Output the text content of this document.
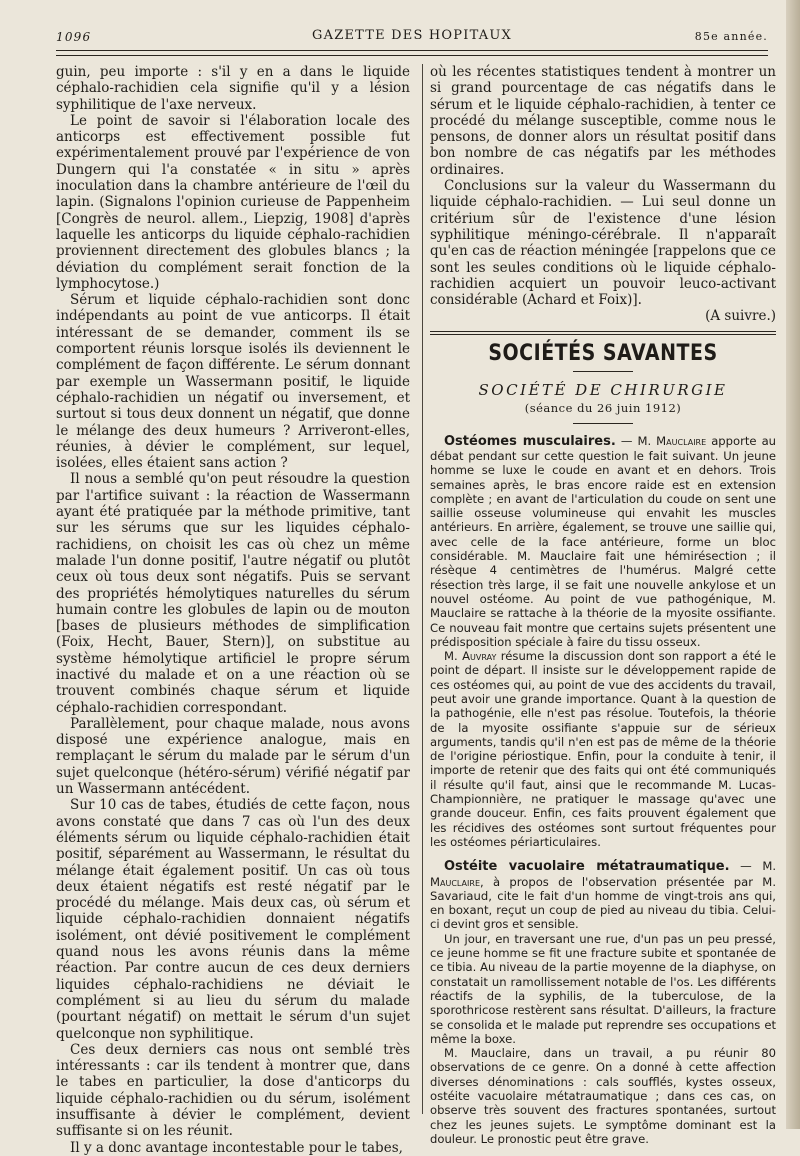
1096	GAZETTE DES HOPITAUX	85e année.

guin, peu importe : s'il y en a dans le liquide céphalo-rachidien cela signifie qu'il y a lésion syphilitique de l'axe nerveux.

Le point de savoir si l'élaboration locale des anticorps est effectivement possible fut expérimentalement prouvé par l'expérience de von Dungern qui l'a constatée « in situ » après inoculation dans la chambre antérieure de l'œil du lapin. (Signalons l'opinion curieuse de Pappenheim [Congrès de neurol. allem., Liepzig, 1908] d'après laquelle les anticorps du liquide céphalo-rachidien proviennent directement des globules blancs ; la déviation du complément serait fonction de la lymphocytose.)

Sérum et liquide céphalo-rachidien sont donc indépendants au point de vue anticorps. Il était intéressant de se demander, comment ils se comportent réunis lorsque isolés ils deviennent le complément de façon différente. Le sérum donnant par exemple un Wassermann positif, le liquide céphalo-rachidien un négatif ou inversement, et surtout si tous deux donnent un négatif, que donne le mélange des deux humeurs ? Arriveront-elles, réunies, à dévier le complément, sur lequel, isolées, elles étaient sans action ?

Il nous a semblé qu'on peut résoudre la question par l'artifice suivant : la réaction de Wassermann ayant été pratiquée par la méthode primitive, tant sur les sérums que sur les liquides céphalo-rachidiens, on choisit les cas où chez un même malade l'un donne positif, l'autre négatif ou plutôt ceux où tous deux sont négatifs. Puis se servant des propriétés hémolytiques naturelles du sérum humain contre les globules de lapin ou de mouton [bases de plusieurs méthodes de simplification (Foix, Hecht, Bauer, Stern)], on substitue au système hémolytique artificiel le propre sérum inactivé du malade et on a une réaction où se trouvent combinés chaque sérum et liquide céphalo-rachidien correspondant.

Parallèlement, pour chaque malade, nous avons disposé une expérience analogue, mais en remplaçant le sérum du malade par le sérum d'un sujet quelconque (hétéro-sérum) vérifié négatif par un Wassermann antécédent.

Sur 10 cas de tabes, étudiés de cette façon, nous avons constaté que dans 7 cas où l'un des deux éléments sérum ou liquide céphalo-rachidien était positif, séparément au Wassermann, le résultat du mélange était également positif. Un cas où tous deux étaient négatifs est resté négatif par le procédé du mélange. Mais deux cas, où sérum et liquide céphalo-rachidien donnaient négatifs isolément, ont dévié positivement le complément quand nous les avons réunis dans la même réaction. Par contre aucun de ces deux derniers liquides céphalo-rachidiens ne déviait le complément si au lieu du sérum du malade (pourtant négatif) on mettait le sérum d'un sujet quelconque non syphilitique.

Ces deux derniers cas nous ont semblé très intéressants : car ils tendent à montrer que, dans le tabes en particulier, la dose d'anticorps du liquide céphalo-rachidien ou du sérum, isolément insuffisante à dévier le complément, devient suffisante si on les réunit.

Il y a donc avantage incontestable pour le tabes,

où les récentes statistiques tendent à montrer un si grand pourcentage de cas négatifs dans le sérum et le liquide céphalo-rachidien, à tenter ce procédé du mélange susceptible, comme nous le pensons, de donner alors un résultat positif dans bon nombre de cas négatifs par les méthodes ordinaires.

Conclusions sur la valeur du Wassermann du liquide céphalo-rachidien. — Lui seul donne un critérium sûr de l'existence d'une lésion syphilitique méningo-cérébrale. Il n'apparaît qu'en cas de réaction méningée [rappelons que ce sont les seules conditions où le liquide céphalo-rachidien acquiert un pouvoir leuco-activant considérable (Achard et Foix)].

(A suivre.)

SOCIÉTÉS SAVANTES
SOCIÉTÉ DE CHIRURGIE
(séance du 26 juin 1912)

Ostéomes musculaires. — M. Mauclaire apporte au débat pendant sur cette question le fait suivant. Un jeune homme se luxe le coude en avant et en dehors. Trois semaines après, le bras encore raide est en extension complète ; en avant de l'articulation du coude on sent une saillie osseuse volumineuse qui envahit les muscles antérieurs. En arrière, également, se trouve une saillie qui, avec celle de la face antérieure, forme un bloc considérable. M. Mauclaire fait une hémirésection ; il résèque 4 centimètres de l'humérus. Malgré cette résection très large, il se fait une nouvelle ankylose et un nouvel ostéome. Au point de vue pathogénique, M. Mauclaire se rattache à la théorie de la myosite ossifiante. Ce nouveau fait montre que certains sujets présentent une prédisposition spéciale à faire du tissu osseux.

M. Auvray résume la discussion dont son rapport a été le point de départ. Il insiste sur le développement rapide de ces ostéomes qui, au point de vue des accidents du travail, peut avoir une grande importance. Quant à la question de la pathogénie, elle n'est pas résolue. Toutefois, la théorie de la myosite ossifiante s'appuie sur de sérieux arguments, tandis qu'il n'en est pas de même de la théorie de l'origine périostique. Enfin, pour la conduite à tenir, il importe de retenir que des faits qui ont été communiqués il résulte qu'il faut, ainsi que le recommande M. Lucas-Championnière, ne pratiquer le massage qu'avec une grande douceur. Enfin, ces faits prouvent également que les récidives des ostéomes sont surtout fréquentes pour les ostéomes périarticulaires.

Ostéite vacuolaire métatraumatique. — M. Mauclaire, à propos de l'observation présentée par M. Savariaud, cite le fait d'un homme de vingt-trois ans qui, en boxant, reçut un coup de pied au niveau du tibia. Celui-ci devint gros et sensible.

Un jour, en traversant une rue, d'un pas un peu pressé, ce jeune homme se fit une fracture subite et spontanée de ce tibia. Au niveau de la partie moyenne de la diaphyse, on constatait un ramollissement notable de l'os. Les différents réactifs de la syphilis, de la tuberculose, de la sporothricose restèrent sans résultat. D'ailleurs, la fracture se consolida et le malade put reprendre ses occupations et même la boxe.

M. Mauclaire, dans un travail, a pu réunir 80 observations de ce genre. On a donné à cette affection diverses dénominations : cals soufflés, kystes osseux, ostéite vacuolaire métatraumatique ; dans ces cas, on observe très souvent des fractures spontanées, surtout chez les jeunes sujets. Le symptôme dominant est la douleur. Le pronostic peut être grave.
